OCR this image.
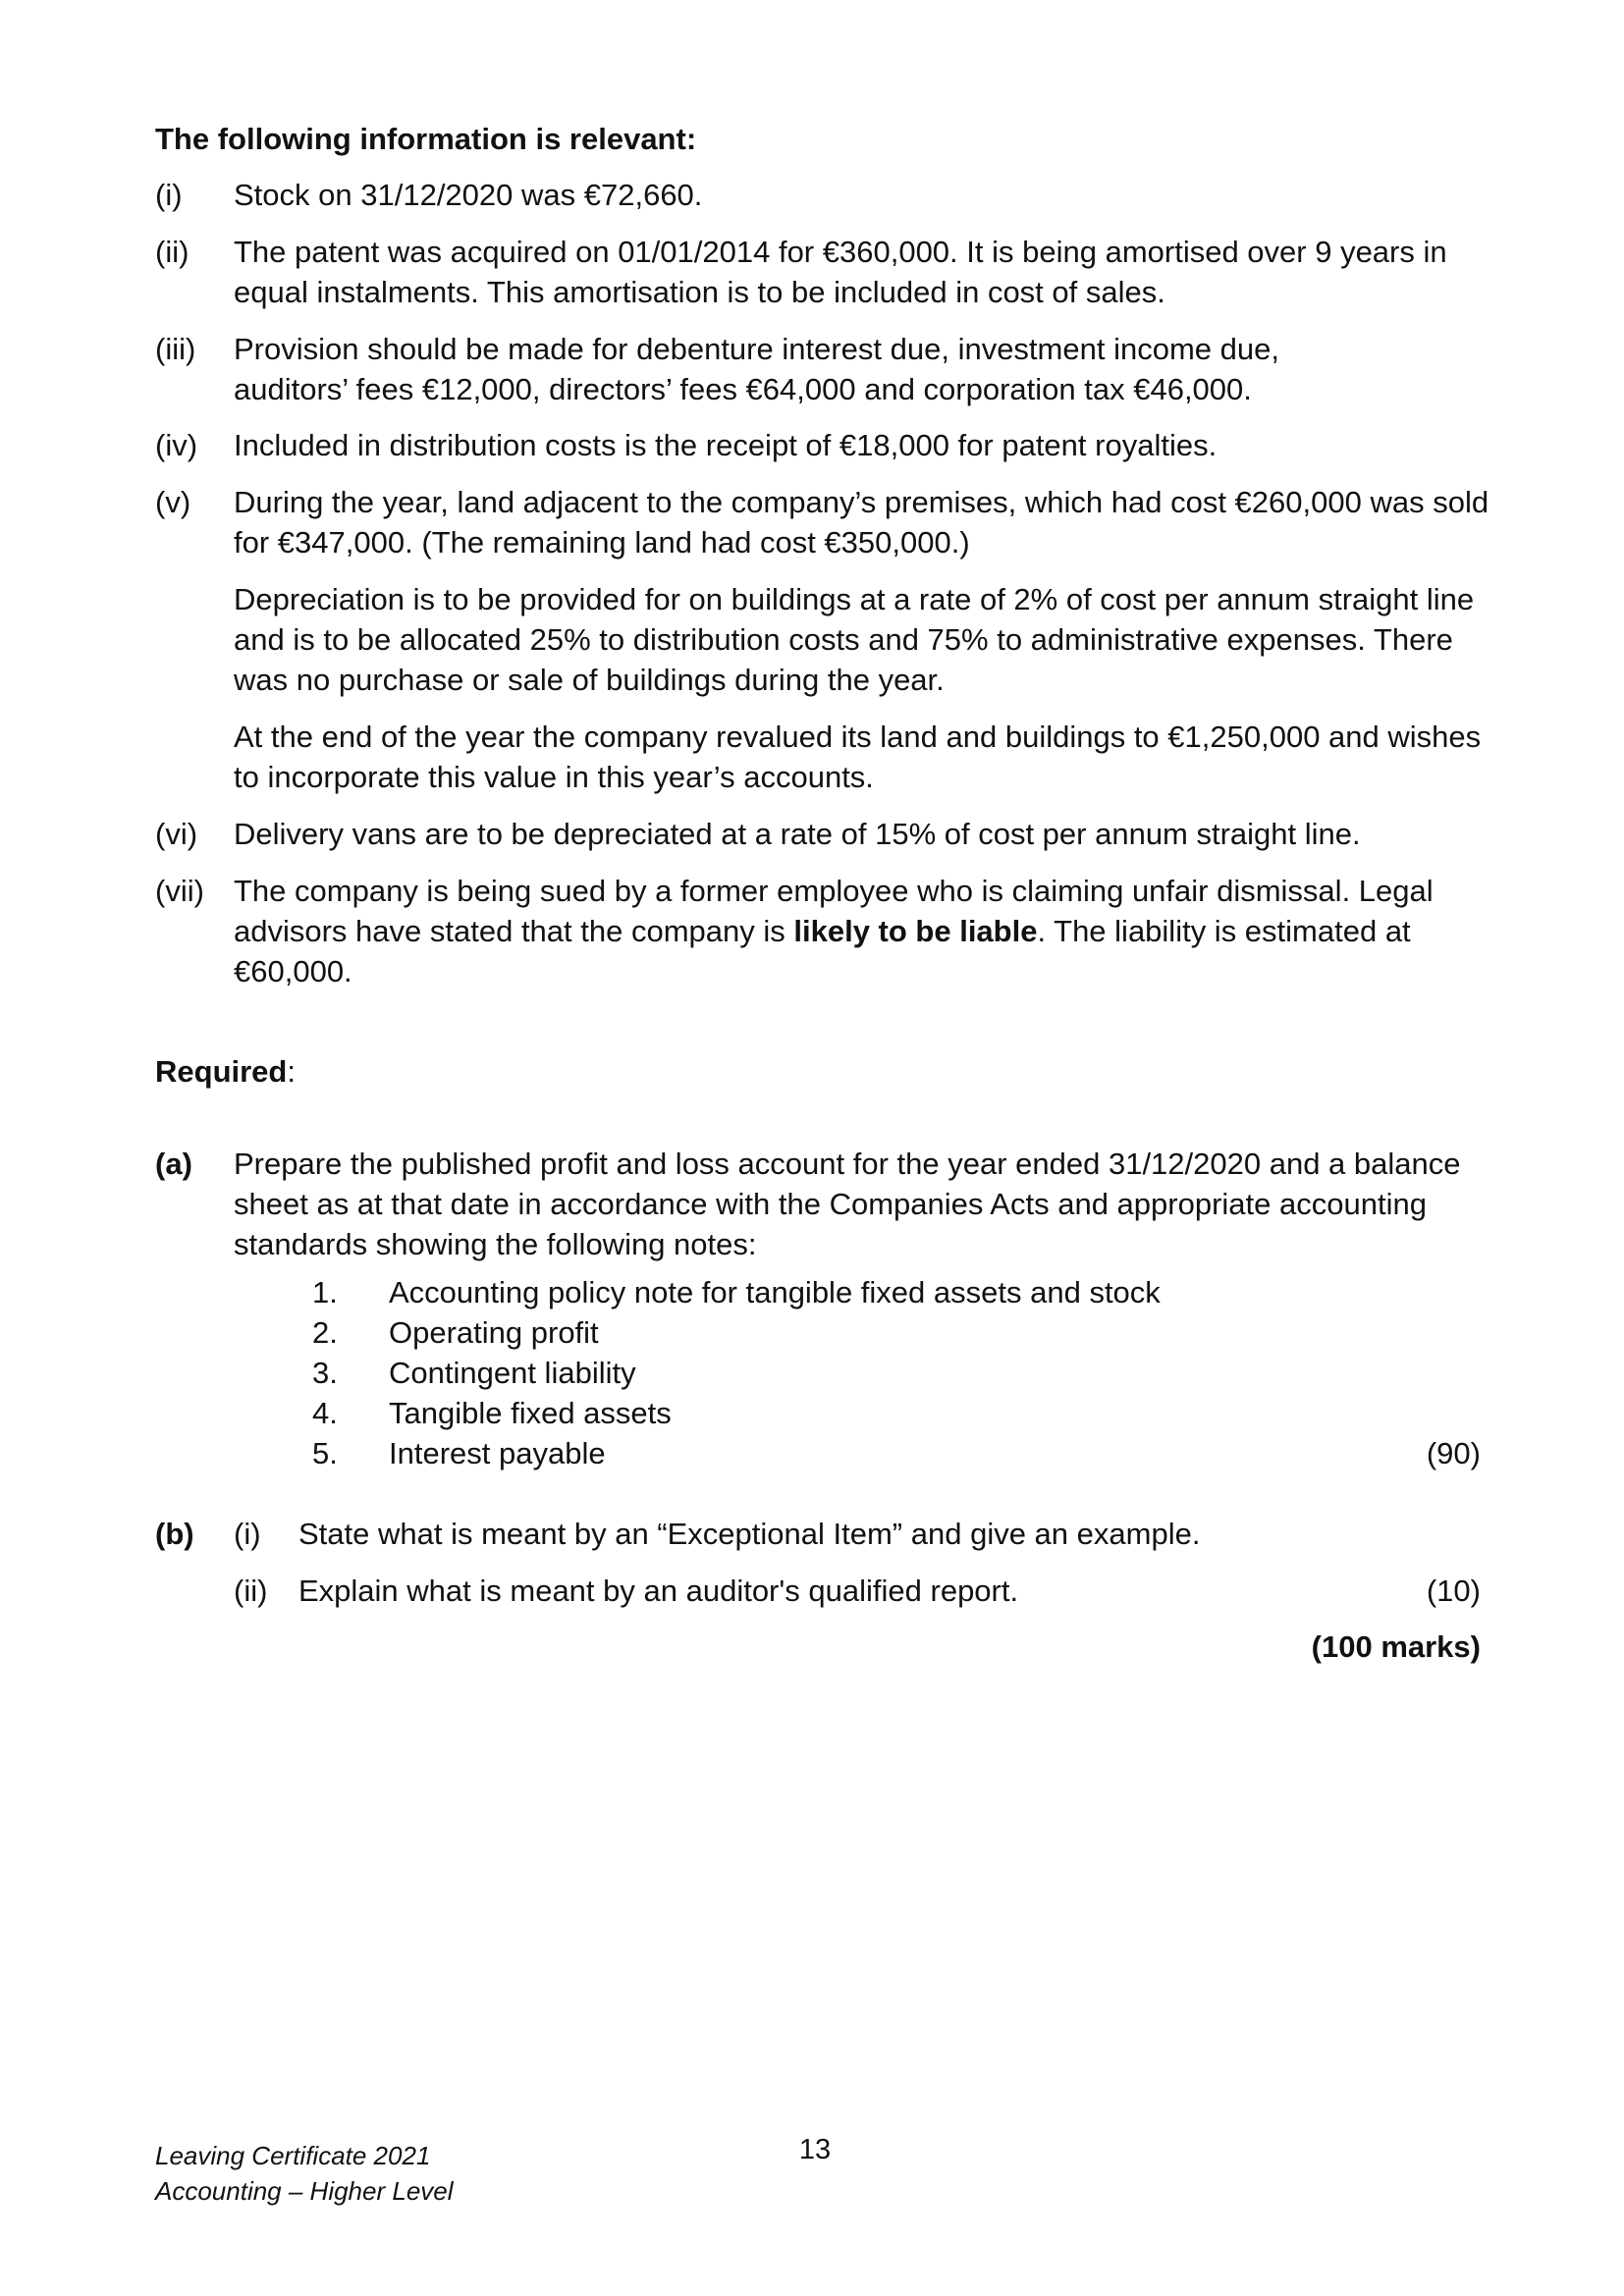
The following information is relevant:
(i) Stock on 31/12/2020 was €72,660.
(ii) The patent was acquired on 01/01/2014 for €360,000. It is being amortised over 9 years in
equal instalments. This amortisation is to be included in cost of sales.
(iii) Provision should be made for debenture interest due, investment income due,
auditors’ fees €12,000, directors’ fees €64,000 and corporation tax €46,000.
(iv) Included in distribution costs is the receipt of €18,000 for patent royalties.
(v) During the year, land adjacent to the company’s premises, which had cost €260,000 was sold
for €347,000. (The remaining land had cost €350,000.)
Depreciation is to be provided for on buildings at a rate of 2% of cost per annum straight line
and is to be allocated 25% to distribution costs and 75% to administrative expenses. There
was no purchase or sale of buildings during the year.
At the end of the year the company revalued its land and buildings to €1,250,000 and wishes
to incorporate this value in this year’s accounts.
(vi) Delivery vans are to be depreciated at a rate of 15% of cost per annum straight line.
(vii) The company is being sued by a former employee who is claiming unfair dismissal. Legal
advisors have stated that the company is likely to be liable. The liability is estimated at
€60,000.
Required:
(a) Prepare the published profit and loss account for the year ended 31/12/2020 and a balance
sheet as at that date in accordance with the Companies Acts and appropriate accounting
standards showing the following notes:
1. Accounting policy note for tangible fixed assets and stock
2. Operating profit
3. Contingent liability
4. Tangible fixed assets
5. Interest payable	(90)
(b) (i) State what is meant by an “Exceptional Item” and give an example.
(ii) Explain what is meant by an auditor's qualified report.	(10)
(100 marks)
Leaving Certificate 2021
Accounting – Higher Level
13
